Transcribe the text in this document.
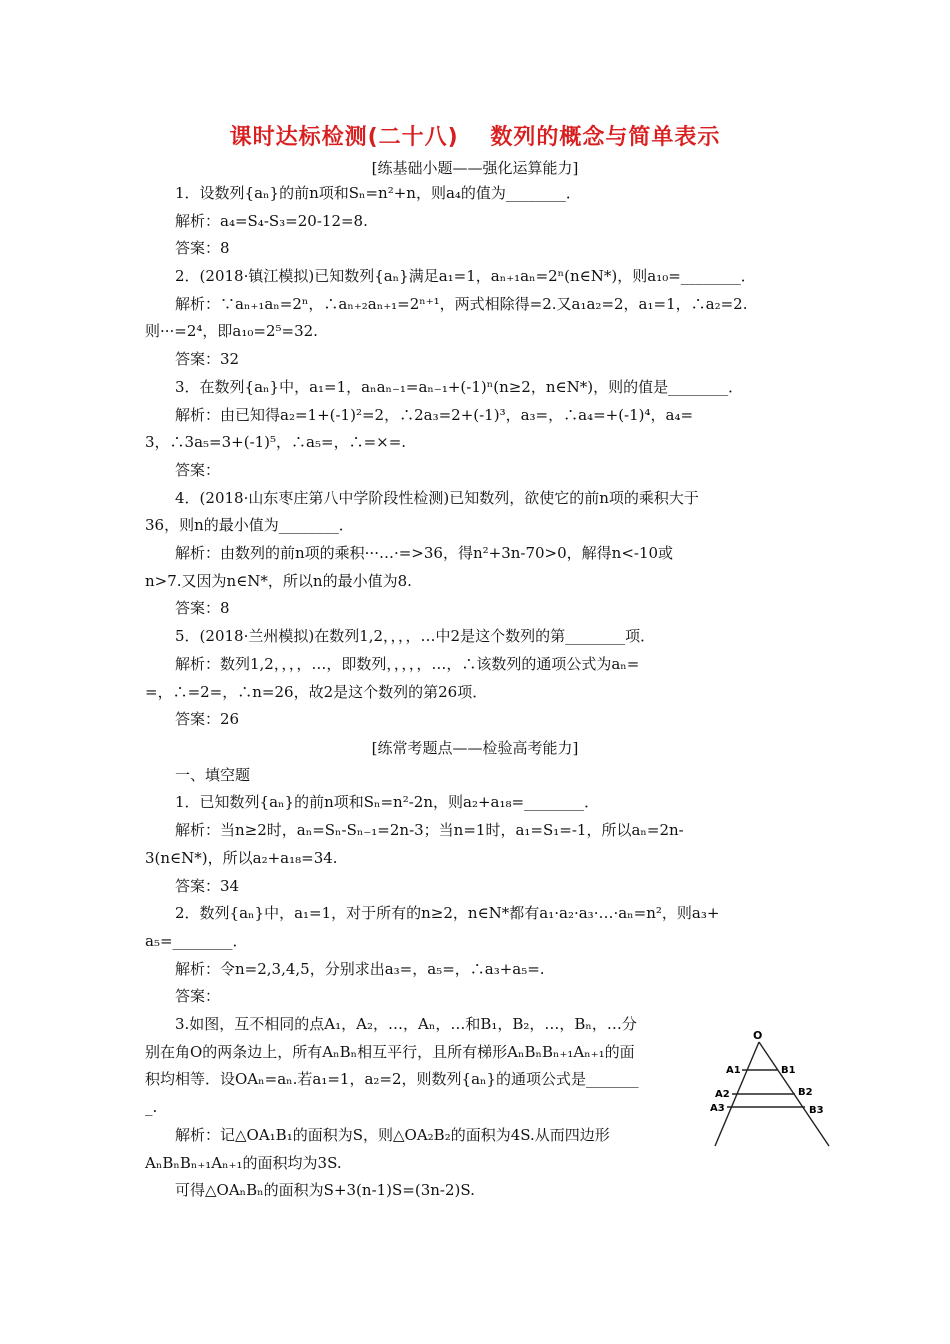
课时达标检测(二十八)　 数列的概念与简单表示
[练基础小题——强化运算能力]
1．设数列{aₙ}的前n项和Sₙ=n²+n，则a₄的值为________．
解析：a₄=S₄-S₃=20-12=8.
答案：8
2．(2018·镇江模拟)已知数列{aₙ}满足a₁=1，aₙ₊₁aₙ=2ⁿ(n∈N*)，则a₁₀=________．
解析：∵aₙ₊₁aₙ=2ⁿ，∴aₙ₊₂aₙ₊₁=2ⁿ⁺¹，两式相除得=2.又a₁a₂=2，a₁=1，∴a₂=2.
则···=2⁴，即a₁₀=2⁵=32.
答案：32
3．在数列{aₙ}中，a₁=1，aₙaₙ₋₁=aₙ₋₁+(-1)ⁿ(n≥2，n∈N*)，则的值是________．
解析：由已知得a₂=1+(-1)²=2，∴2a₃=2+(-1)³，a₃=，∴a₄=+(-1)⁴，a₄=
3，∴3a₅=3+(-1)⁵，∴a₅=，∴=×=.
答案：
4．(2018·山东枣庄第八中学阶段性检测)已知数列，欲使它的前n项的乘积大于
36，则n的最小值为________．
解析：由数列的前n项的乘积···…·=>36，得n²+3n-70>0，解得n<-10或
n>7.又因为n∈N*，所以n的最小值为8.
答案：8
5．(2018·兰州模拟)在数列1,2，，，，…中2是这个数列的第________项．
解析：数列1,2，，，，…，即数列，，，，，…，∴该数列的通项公式为aₙ=
=，∴=2=，∴n=26，故2是这个数列的第26项．
答案：26
[练常考题点——检验高考能力]
一、填空题
1．已知数列{aₙ}的前n项和Sₙ=n²-2n，则a₂+a₁₈=________．
解析：当n≥2时，aₙ=Sₙ-Sₙ₋₁=2n-3；当n=1时，a₁=S₁=-1，所以aₙ=2n-
3(n∈N*)，所以a₂+a₁₈=34.
答案：34
2．数列{aₙ}中，a₁=1，对于所有的n≥2，n∈N*都有a₁·a₂·a₃·…·aₙ=n²，则a₃+
a₅=________．
解析：令n=2,3,4,5，分别求出a₃=，a₅=，∴a₃+a₅=.
答案：
3.如图，互不相同的点A₁，A₂，…，Aₙ，…和B₁，B₂，…，Bₙ，…分
别在角O的两条边上，所有AₙBₙ相互平行，且所有梯形AₙBₙBₙ₊₁Aₙ₊₁的面
积均相等．设OAₙ=aₙ.若a₁=1，a₂=2，则数列{aₙ}的通项公式是_______
_.
解析：记△OA₁B₁的面积为S，则△OA₂B₂的面积为4S.从而四边形
AₙBₙBₙ₊₁Aₙ₊₁的面积均为3S.
可得△OAₙBₙ的面积为S+3(n-1)S=(3n-2)S.
O
A1	B1
A2	B2
A3	B3
